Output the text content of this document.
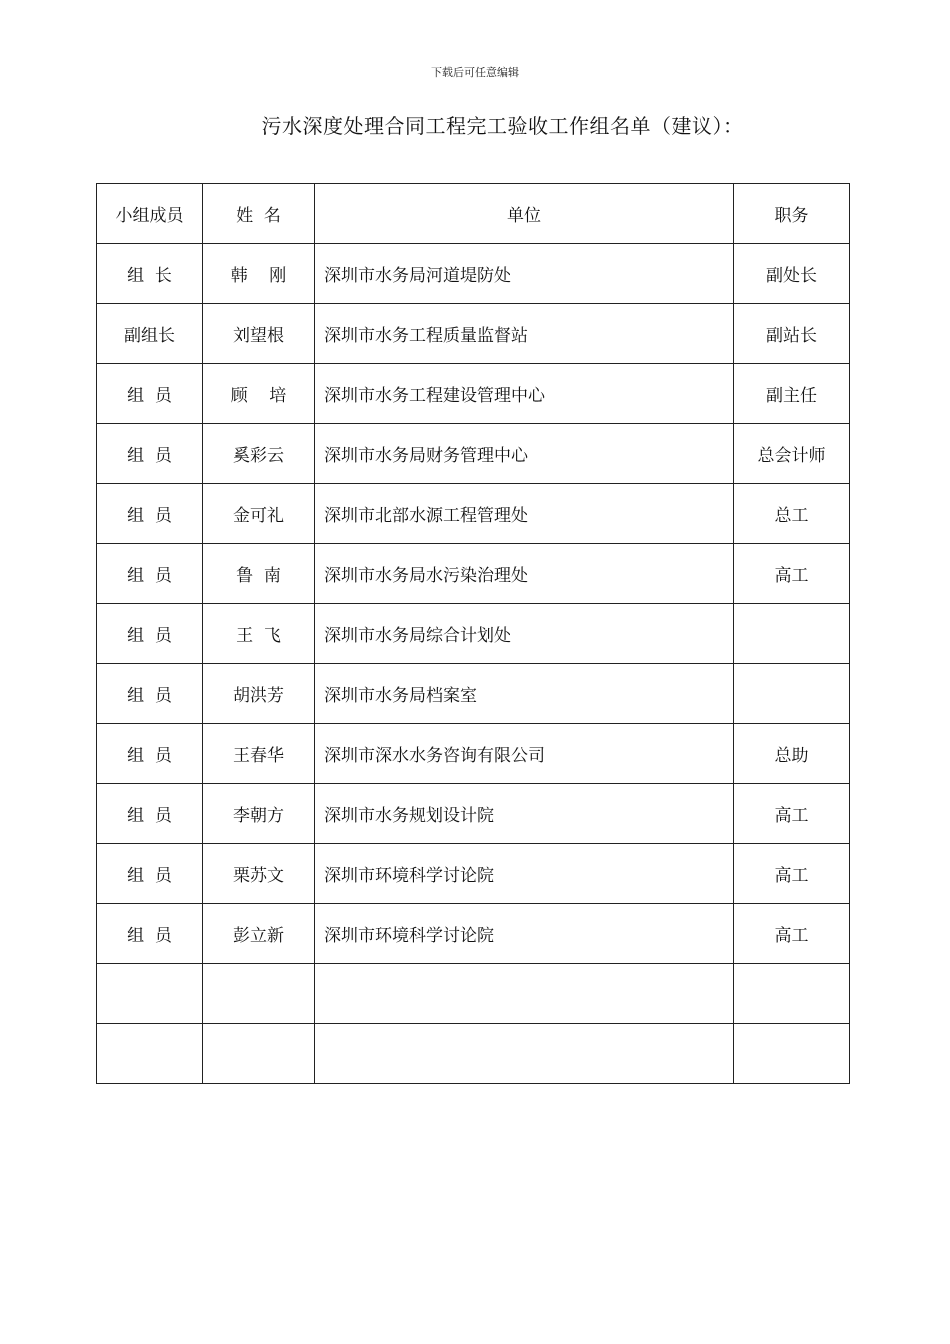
下载后可任意编辑
污水深度处理合同工程完工验收工作组名单（建议）：
小组成员	姓  名	单位	职务
组  长	韩    刚	深圳市水务局河道堤防处	副处长
副组长	刘望根	深圳市水务工程质量监督站	副站长
组  员	顾    培	深圳市水务工程建设管理中心	副主任
组  员	奚彩云	深圳市水务局财务管理中心	总会计师
组  员	金可礼	深圳市北部水源工程管理处	总工
组  员	鲁  南	深圳市水务局水污染治理处	高工
组  员	王  飞	深圳市水务局综合计划处	
组  员	胡洪芳	深圳市水务局档案室	
组  员	王春华	深圳市深水水务咨询有限公司	总助
组  员	李朝方	深圳市水务规划设计院	高工
组  员	栗苏文	深圳市环境科学讨论院	高工
组  员	彭立新	深圳市环境科学讨论院	高工
